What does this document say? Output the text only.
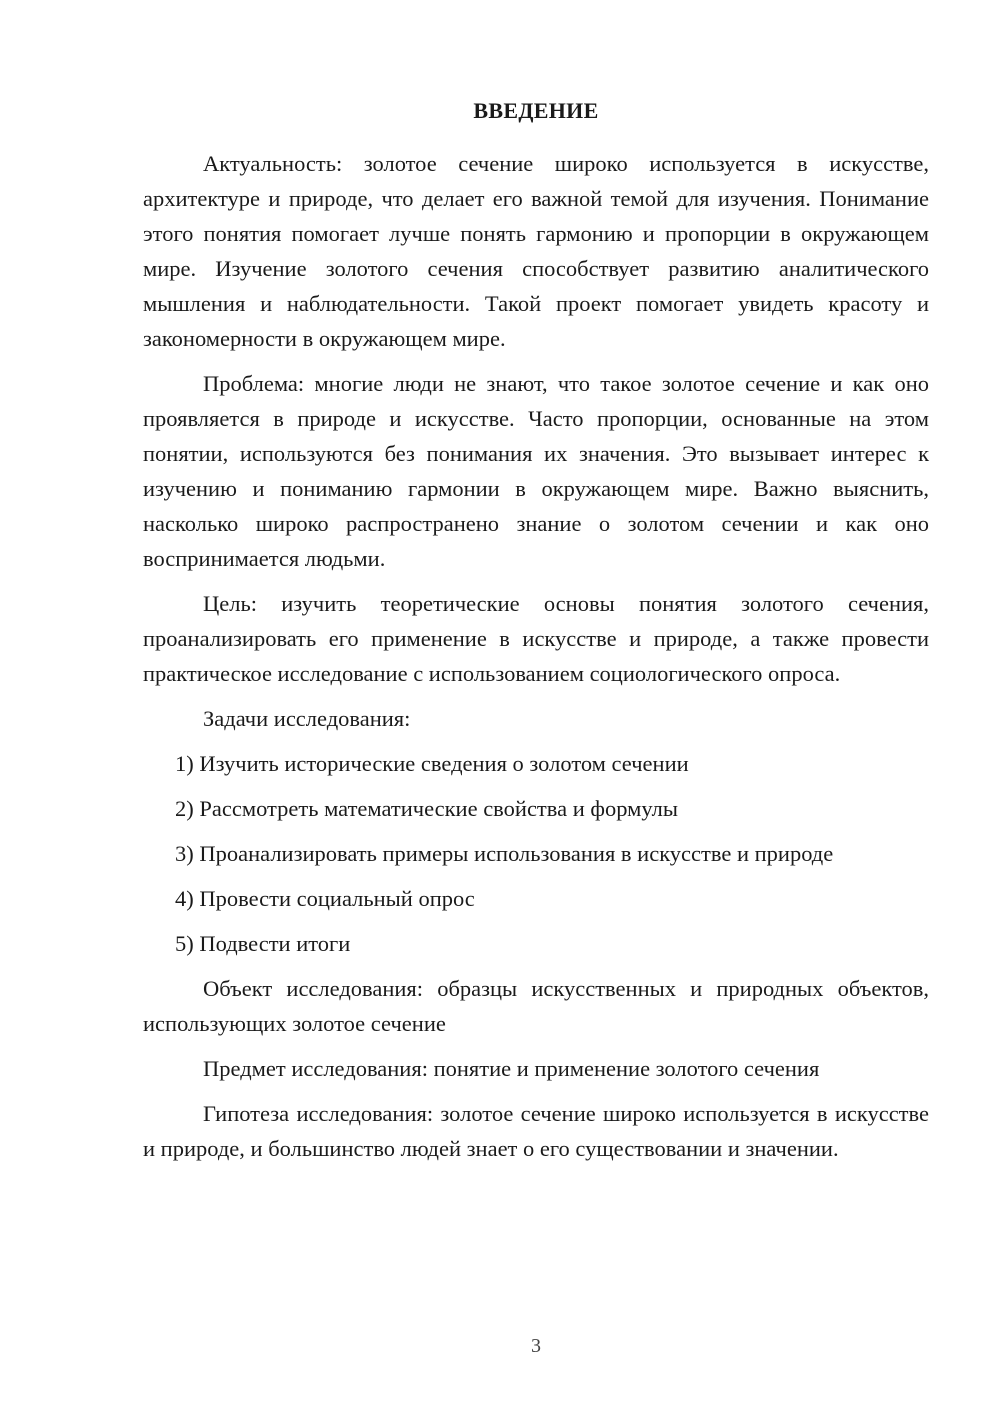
ВВЕДЕНИЕ

Актуальность: золотое сечение широко используется в искусстве, архитектуре и природе, что делает его важной темой для изучения. Понимание этого понятия помогает лучше понять гармонию и пропорции в окружающем мире. Изучение золотого сечения способствует развитию аналитического мышления и наблюдательности. Такой проект помогает увидеть красоту и закономерности в окружающем мире.

Проблема: многие люди не знают, что такое золотое сечение и как оно проявляется в природе и искусстве. Часто пропорции, основанные на этом понятии, используются без понимания их значения. Это вызывает интерес к изучению и пониманию гармонии в окружающем мире. Важно выяснить, насколько широко распространено знание о золотом сечении и как оно воспринимается людьми.

Цель: изучить теоретические основы понятия золотого сечения, проанализировать его применение в искусстве и природе, а также провести практическое исследование с использованием социологического опроса.

Задачи исследования:

1) Изучить исторические сведения о золотом сечении

2) Рассмотреть математические свойства и формулы

3) Проанализировать примеры использования в искусстве и природе

4) Провести социальный опрос

5) Подвести итоги

Объект исследования: образцы искусственных и природных объектов, использующих золотое сечение

Предмет исследования: понятие и применение золотого сечения

Гипотеза исследования: золотое сечение широко используется в искусстве и природе, и большинство людей знает о его существовании и значении.

3
